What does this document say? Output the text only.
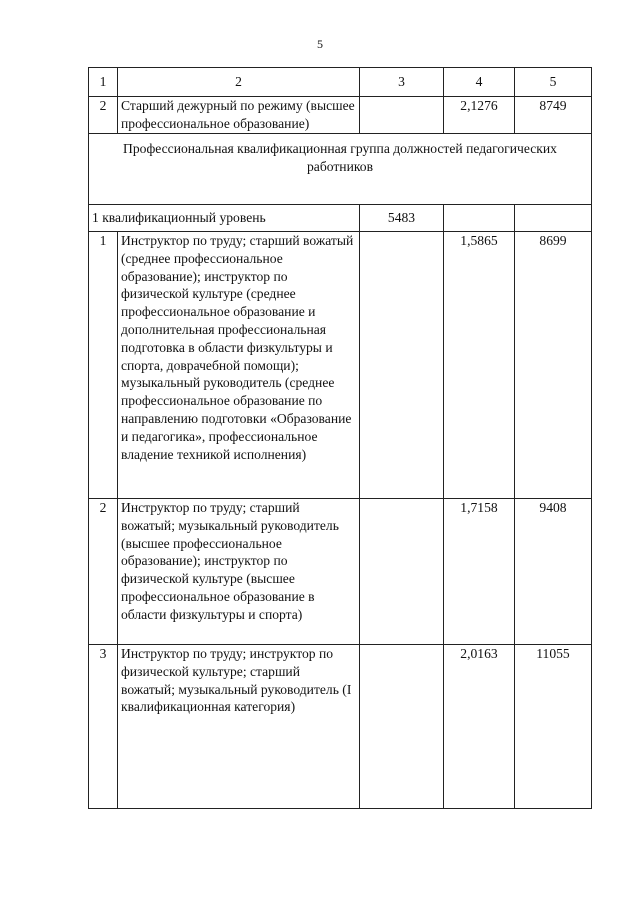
5
1	2	3	4	5
2	Старший дежурный по режиму (высшее профессиональное образование)		2,1276	8749
Профессиональная квалификационная группа должностей педагогических работников				
1 квалификационный уровень		5483		
1	Инструктор по труду; старший вожатый (среднее профессиональное образование); инструктор по физической культуре (среднее профессиональное образование и дополнительная профессиональная подготовка в области физкультуры и спорта, доврачебной помощи); музыкальный руководитель (среднее профессиональное образование по направлению подготовки «Образование и педагогика», профессиональное владение техникой исполнения)		1,5865	8699
2	Инструктор по труду; старший вожатый; музыкальный руководитель (высшее профессиональное образование); инструктор по физической культуре (высшее профессиональное образование в области физкультуры и спорта)		1,7158	9408
3	Инструктор по труду; инструктор по физической культуре; старший вожатый; музыкальный руководитель (I квалификационная категория)		2,0163	11055
